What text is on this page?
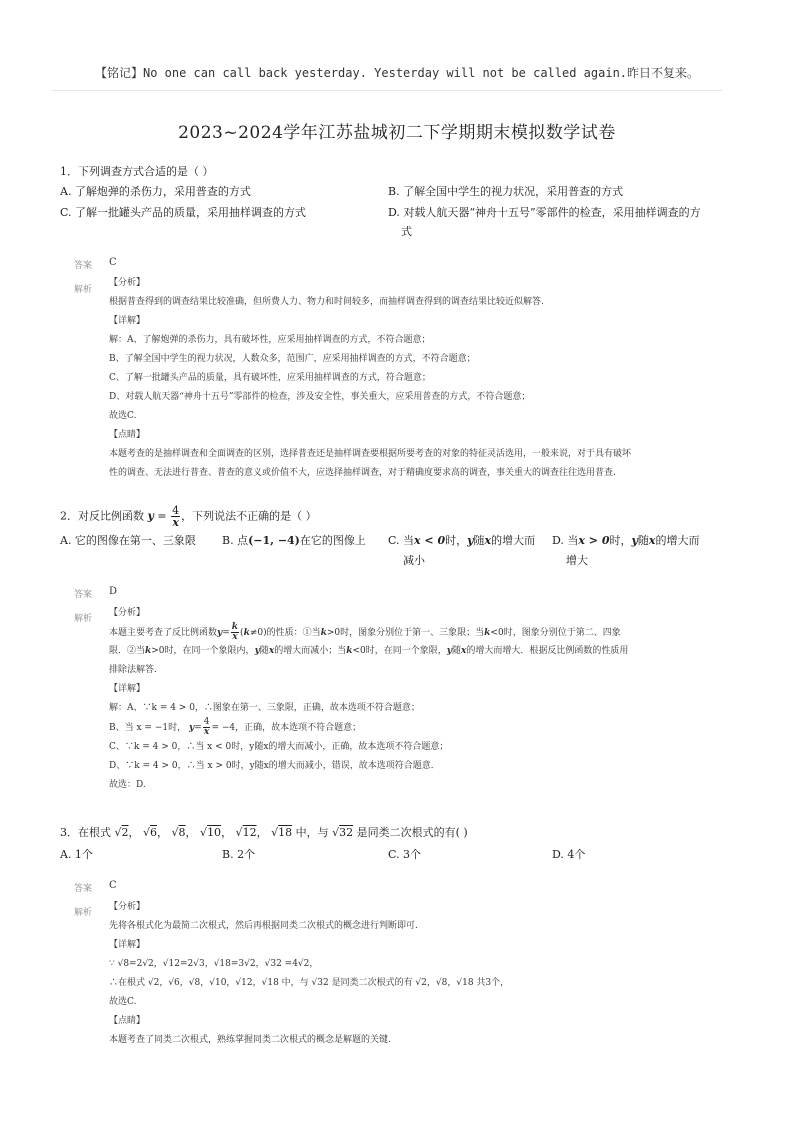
【铭记】No one can call back yesterday. Yesterday will not be called again.昨日不复来。
2023~2024学年江苏盐城初二下学期期末模拟数学试卷
1．下列调查方式合适的是（ ）
A. 了解炮弹的杀伤力，采用普查的方式	B. 了解全国中学生的视力状况，采用普查的方式
C. 了解一批罐头产品的质量，采用抽样调查的方式	D. 对载人航天器“神舟十五号”零部件的检查，采用抽样调查的方
式
答案 C
解析
【分析】
根据普查得到的调查结果比较准确，但所费人力、物力和时间较多，而抽样调查得到的调查结果比较近似解答.
【详解】
解：A、了解炮弹的杀伤力，具有破坏性，应采用抽样调查的方式，不符合题意；
B、了解全国中学生的视力状况，人数众多，范围广，应采用抽样调查的方式，不符合题意；
C、了解一批罐头产品的质量，具有破坏性，应采用抽样调查的方式，符合题意；
D、对载人航天器“神舟十五号”零部件的检查，涉及安全性，事关重大，应采用普查的方式，不符合题意；
故选C.
【点睛】
本题考查的是抽样调查和全面调查的区别，选择普查还是抽样调查要根据所要考查的对象的特征灵活选用，一般来说，对于具有破坏
性的调查、无法进行普查、普查的意义或价值不大，应选择抽样调查，对于精确度要求高的调查，事关重大的调查往往选用普查.
2．对反比例函数 $y = \frac{4}{x}$ ，下列说法不正确的是（ ）
A. 它的图像在第一、三象限 B. 点(−1, −4)在它的图像上 C. 当x < 0时，y随x的增大而
减小
D. 当x > 0时，y随x的增大而
增大
答案 D
解析
【分析】
本题主要考查了反比例函数$y= \frac{k}{x} (k\ne 0)$的性质：①当k>0时，图象分别位于第一、三象限；当k<0时，图象分别位于第二、四象
限．②当k>0时，在同一个象限内，y随x的增大而减小；当k<0时，在同一个象限，y随x的增大而增大．根据反比例函数的性质用
排除法解答.
【详解】
解：A、∵k = 4 > 0，∴图象在第一、三象限，正确，故本选项不符合题意；
B、当 x = −1时， $y= \frac{4}{x} = -4$，正确，故本选项不符合题意；
C、∵k = 4 > 0，∴当 x < 0时，y随x的增大而减小，正确，故本选项不符合题意；
D、∵k = 4 > 0，∴当 x > 0时，y随x的增大而减小，错误，故本选项符合题意．
故选：D.
3．在根式 √2， √6， √8， √10， √12， √18 中，与 √32 是同类二次根式的有( )
A. 1个	B. 2个	C. 3个	D. 4个
答案 C
解析
【分析】
先将各根式化为最简二次根式，然后再根据同类二次根式的概念进行判断即可.
【详解】
∵ √8=2√2，√12=2√3，√18=3√2，√32 =4√2，
∴在根式 √2，√6，√8，√10，√12，√18 中，与 √32 是同类二次根式的有 √2，√8，√18 共3个，
故选C.
【点睛】
本题考查了同类二次根式，熟练掌握同类二次根式的概念是解题的关键.
